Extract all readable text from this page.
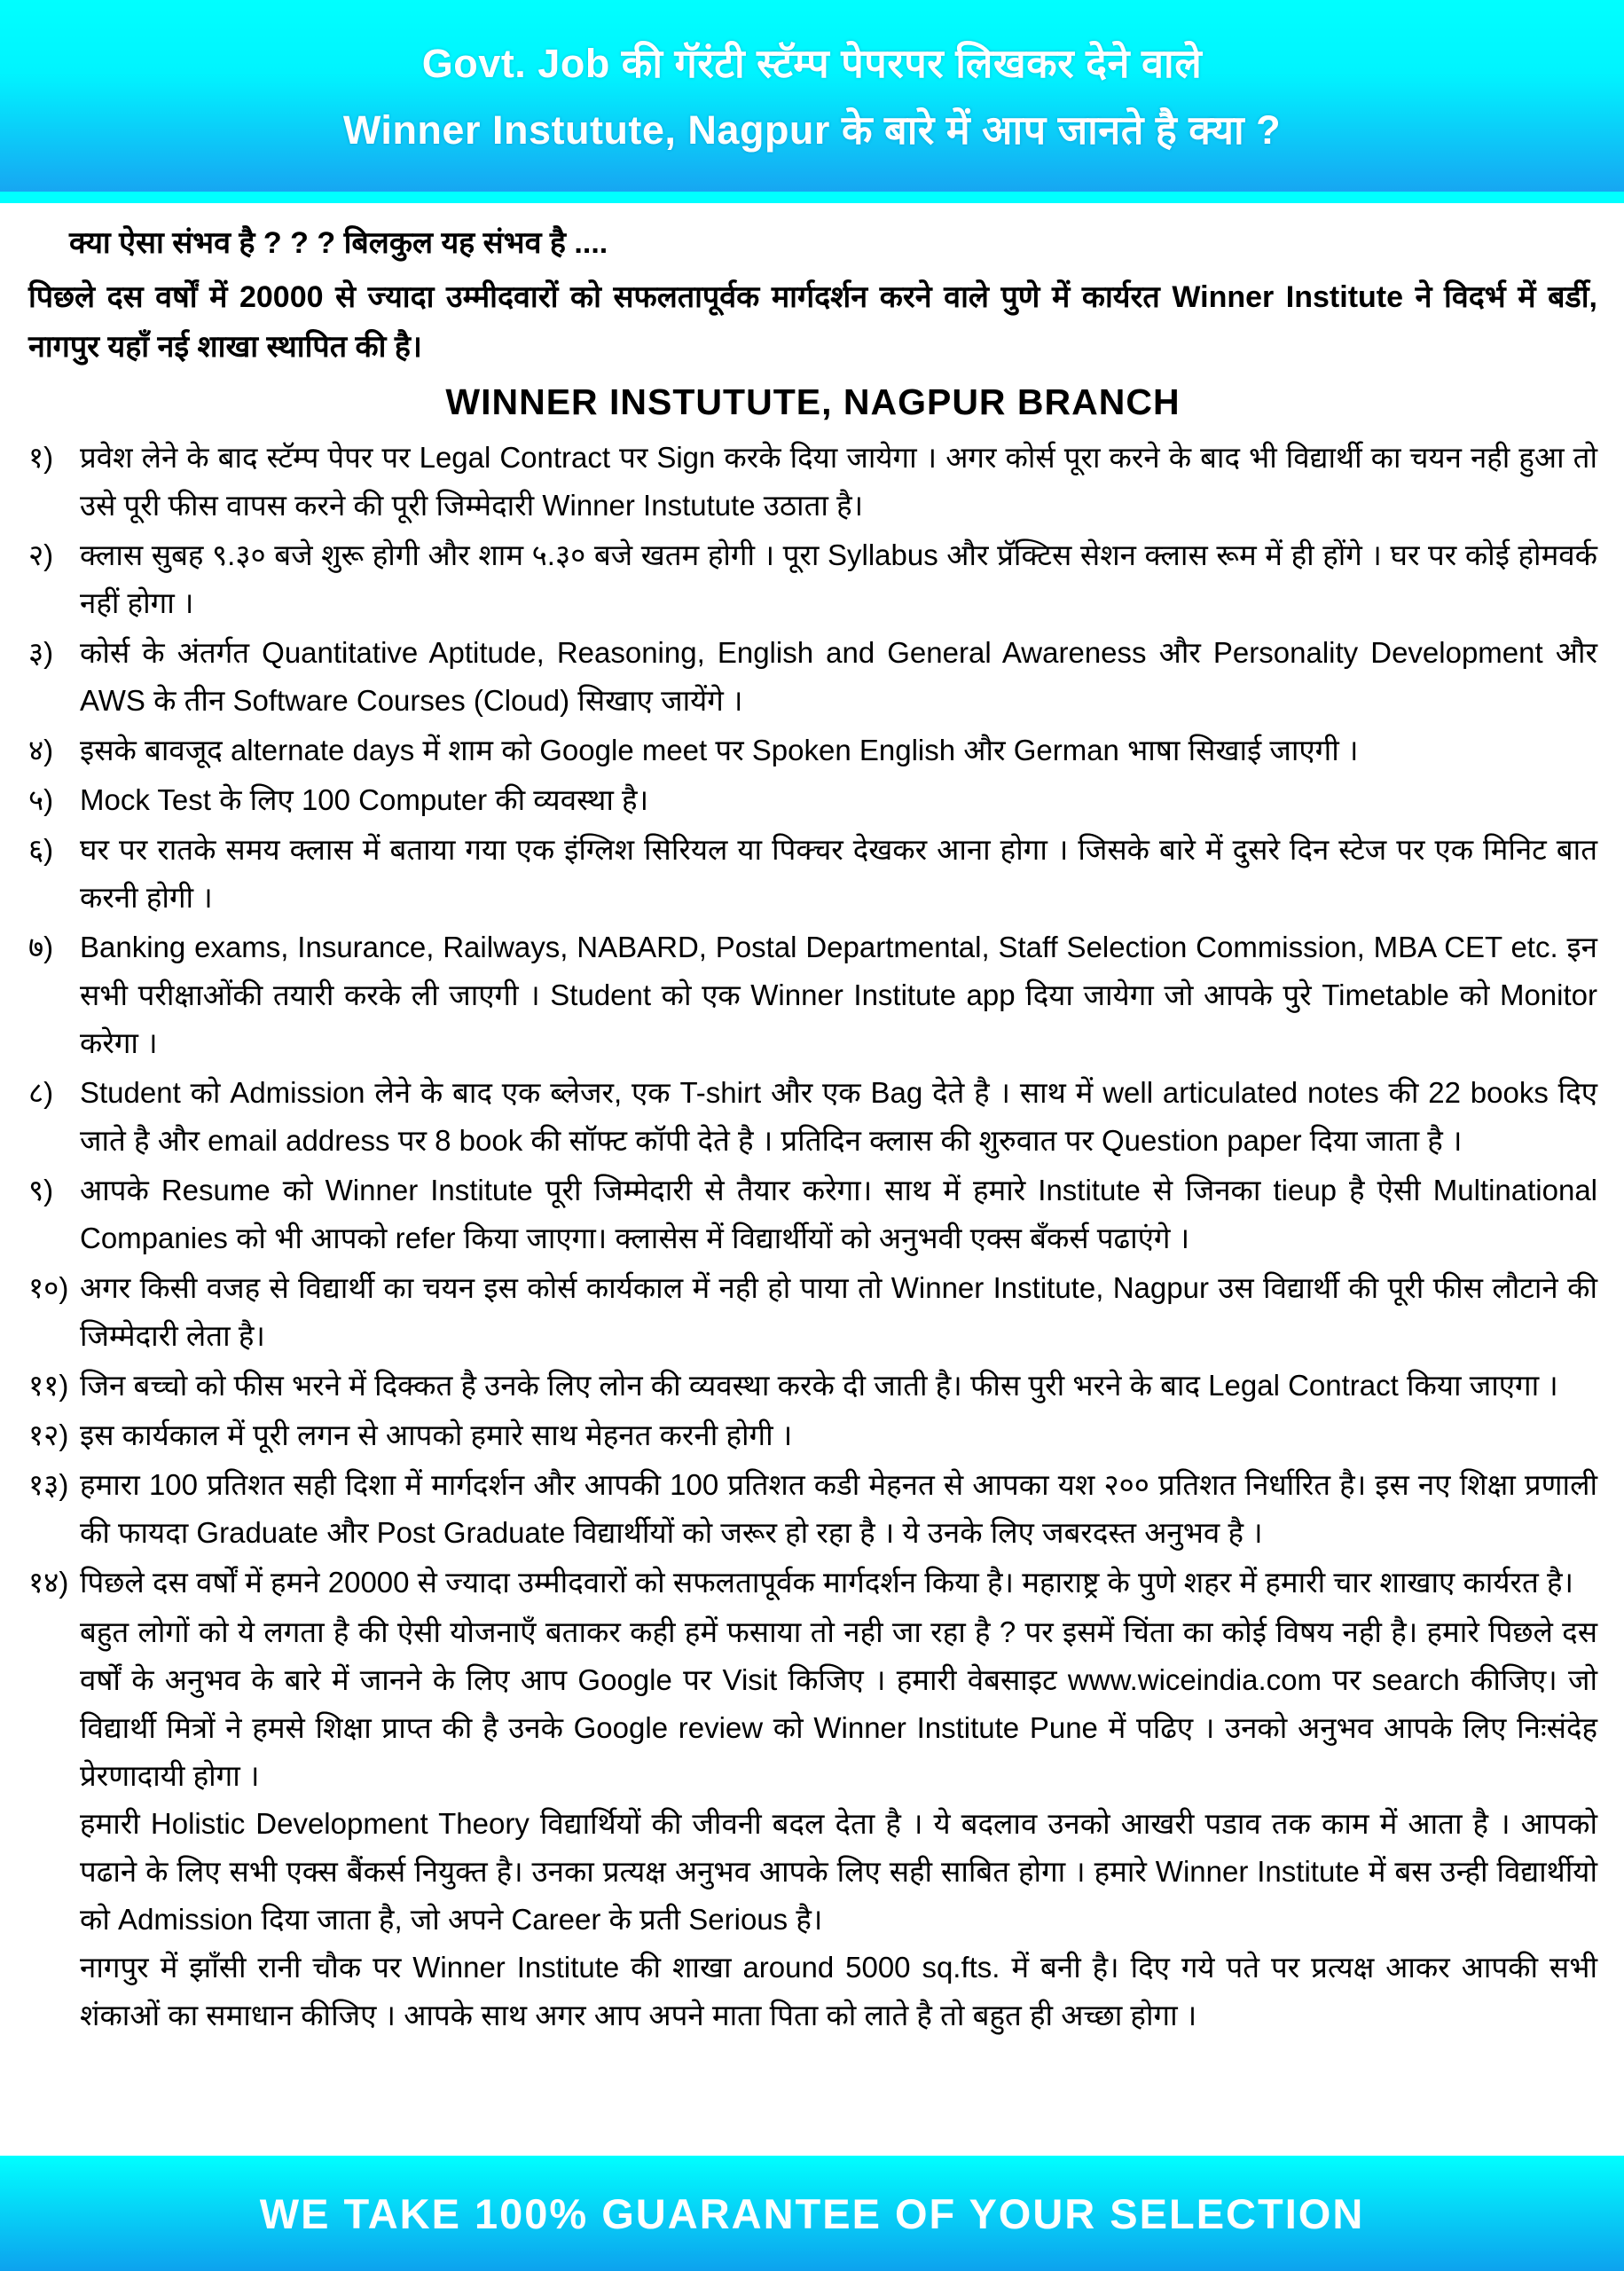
Govt. Job की गॅरंटी स्टॅम्प पेपरपर लिखकर देने वाले
Winner Instutute, Nagpur के बारे में आप जानते है क्या ?
क्या ऐसा संभव है ? ? ? बिलकुल यह संभव है ....
पिछले दस वर्षों में 20000 से ज्यादा उम्मीदवारों को सफलतापूर्वक मार्गदर्शन करने वाले पुणे में कार्यरत Winner Institute ने विदर्भ में बर्डी, नागपुर यहाँ नई शाखा स्थापित की है।
WINNER INSTUTUTE, NAGPUR BRANCH
१) प्रवेश लेने के बाद स्टॅम्प पेपर पर Legal Contract पर Sign करके दिया जायेगा । अगर कोर्स पूरा करने के बाद भी विद्यार्थी का चयन नही हुआ तो उसे पूरी फीस वापस करने की पूरी जिम्मेदारी Winner Instutute उठाता है।
२) क्लास सुबह ९.३० बजे शुरू होगी और शाम ५.३० बजे खतम होगी । पूरा Syllabus और प्रॅक्टिस सेशन क्लास रूम में ही होंगे । घर पर कोई होमवर्क नहीं होगा ।
३) कोर्स के अंतर्गत Quantitative Aptitude, Reasoning, English and General Awareness और Personality Development और AWS के तीन Software Courses (Cloud) सिखाए जायेंगे ।
४) इसके बावजूद alternate days में शाम को Google meet पर Spoken English और German भाषा सिखाई जाएगी ।
५) Mock Test के लिए 100 Computer की व्यवस्था है।
६) घर पर रातके समय क्लास में बताया गया एक इंग्लिश सिरियल या पिक्चर देखकर आना होगा । जिसके बारे में दुसरे दिन स्टेज पर एक मिनिट बात करनी होगी ।
७) Banking exams, Insurance, Railways, NABARD, Postal Departmental, Staff Selection Commission, MBA CET etc. इन सभी परीक्षाओंकी तयारी करके ली जाएगी । Student को एक Winner Institute app दिया जायेगा जो आपके पुरे Timetable को Monitor करेगा ।
८) Student को Admission लेने के बाद एक ब्लेजर, एक T-shirt और एक Bag देते है । साथ में well articulated notes की 22 books दिए जाते है और email address पर 8 book की सॉफ्ट कॉपी देते है । प्रतिदिन क्लास की शुरुवात पर Question paper दिया जाता है ।
९) आपके Resume को Winner Institute पूरी जिम्मेदारी से तैयार करेगा। साथ में हमारे Institute से जिनका tieup है ऐसी Multinational Companies को भी आपको refer किया जाएगा। क्लासेस में विद्यार्थीयों को अनुभवी एक्स बँकर्स पढाएंगे ।
१०) अगर किसी वजह से विद्यार्थी का चयन इस कोर्स कार्यकाल में नही हो पाया तो Winner Institute, Nagpur उस विद्यार्थी की पूरी फीस लौटाने की जिम्मेदारी लेता है।
११) जिन बच्चो को फीस भरने में दिक्कत है उनके लिए लोन की व्यवस्था करके दी जाती है। फीस पुरी भरने के बाद Legal Contract किया जाएगा ।
१२) इस कार्यकाल में पूरी लगन से आपको हमारे साथ मेहनत करनी होगी ।
१३) हमारा 100 प्रतिशत सही दिशा में मार्गदर्शन और आपकी 100 प्रतिशत कडी मेहनत से आपका यश २०० प्रतिशत निर्धारित है। इस नए शिक्षा प्रणाली की फायदा Graduate और Post Graduate विद्यार्थीयों को जरूर हो रहा है । ये उनके लिए जबरदस्त अनुभव है ।
१४) पिछले दस वर्षों में हमने 20000 से ज्यादा उम्मीदवारों को सफलतापूर्वक मार्गदर्शन किया है। महाराष्ट्र के पुणे शहर में हमारी चार शाखाए कार्यरत है।
बहुत लोगों को ये लगता है की ऐसी योजनाएँ बताकर कही हमें फसाया तो नही जा रहा है ? पर इसमें चिंता का कोई विषय नही है। हमारे पिछले दस वर्षों के अनुभव के बारे में जानने के लिए आप Google पर Visit किजिए । हमारी वेबसाइट www.wiceindia.com पर search कीजिए। जो विद्यार्थी मित्रों ने हमसे शिक्षा प्राप्त की है उनके Google review को Winner Institute Pune में पढिए । उनको अनुभव आपके लिए निःसंदेह प्रेरणादायी होगा ।
हमारी Holistic Development Theory विद्यार्थियों की जीवनी बदल देता है । ये बदलाव उनको आखरी पडाव तक काम में आता है । आपको पढाने के लिए सभी एक्स बैंकर्स नियुक्त है। उनका प्रत्यक्ष अनुभव आपके लिए सही साबित होगा । हमारे Winner Institute में बस उन्ही विद्यार्थीयो को Admission दिया जाता है, जो अपने Career के प्रती Serious है।
नागपुर में झाँसी रानी चौक पर Winner Institute की शाखा around 5000 sq.fts. में बनी है। दिए गये पते पर प्रत्यक्ष आकर आपकी सभी शंकाओं का समाधान कीजिए । आपके साथ अगर आप अपने माता पिता को लाते है तो बहुत ही अच्छा होगा ।
WE TAKE 100% GUARANTEE OF YOUR SELECTION
